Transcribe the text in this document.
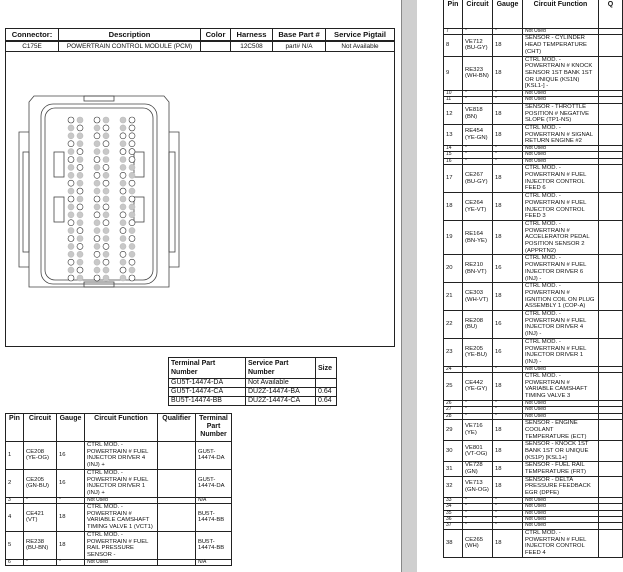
Connector:	Description	Color	Harness	Base Part #	Service Pigtail
C175E	POWERTRAIN CONTROL MODULE (PCM)		12C508	part# N/A	Not Available
Terminal Part Number	Service Part Number	Size
GU5T-14474-DA	Not Available	
GU5T-14474-CA	DU2Z-14474-BA	0.64
BU5T-14474-BB	DU2Z-14474-CA	0.64
Pin	Circuit	Gauge	Circuit Function	Qualifier	Terminal Part Number
1	CE208 (YE-OG)	16	CTRL MOD. - POWERTRAIN # FUEL INJECTOR DRIVER 4 (INJ) +		GU5T-14474-DA
2	CE205 (GN-BU)	16	CTRL MOD. - POWERTRAIN # FUEL INJECTOR DRIVER 1 (INJ) +		GU5T-14474-DA
3	*	*	Not Used		N/A
4	CE421 (VT)	18	CTRL MOD. - POWERTRAIN # VARIABLE CAMSHAFT TIMING VALVE 1 (VCT1)		BU5T-14474-BB
5	RE238 (BU-BN)	18	CTRL MOD. - POWERTRAIN # FUEL RAIL PRESSURE SENSOR -		BU5T-14474-BB
6	*	*	Not Used		N/A
Pin	Circuit	Gauge	Circuit Function	Q
7	*	*	Not Used	
8	VE712 (BU-GY)	18	SENSOR - CYLINDER HEAD TEMPERATURE (CHT)	
9	RE323 (WH-BN)	18	CTRL MOD. - POWERTRAIN # KNOCK SENSOR 1ST BANK 1ST OR UNIQUE (KS1N) [KSL1-] -	
10	*	*	Not Used	
11	*	*	Not Used	
12	VE818 (BN)	18	SENSOR - THROTTLE POSITION # NEGATIVE SLOPE (TP1-NS)	
13	RE454 (YE-GN)	18	CTRL MOD. - POWERTRAIN # SIGNAL RETURN ENGINE #2	
14	*	*	Not Used	
15	*	*	Not Used	
16	*	*	Not Used	
17	CE267 (BU-GY)	18	CTRL MOD. - POWERTRAIN # FUEL INJECTOR CONTROL FEED 6	
18	CE264 (YE-VT)	18	CTRL MOD. - POWERTRAIN # FUEL INJECTOR CONTROL FEED 3	
19	RE164 (BN-YE)	18	CTRL MOD. - POWERTRAIN # ACCELERATOR PEDAL POSITION SENSOR 2 (APPRTN2)	
20	RE210 (BN-VT)	16	CTRL MOD. - POWERTRAIN # FUEL INJECTOR DRIVER 6 (INJ) -	
21	CE303 (WH-VT)	18	CTRL MOD. - POWERTRAIN # IGNITION COIL ON PLUG ASSEMBLY 1 (COP-A)	
22	RE208 (BU)	16	CTRL MOD. - POWERTRAIN # FUEL INJECTOR DRIVER 4 (INJ) -	
23	RE205 (YE-BU)	16	CTRL MOD. - POWERTRAIN # FUEL INJECTOR DRIVER 1 (INJ) -	
24	*	*	Not Used	
25	CE442 (YE-GY)	18	CTRL MOD. - POWERTRAIN # VARIABLE CAMSHAFT TIMING VALVE 3	
26	*	*	Not Used	
27	*	*	Not Used	
28	*	*	Not Used	
29	VE716 (YE)	18	SENSOR - ENGINE COOLANT TEMPERATURE (ECT)	
30	VE801 (VT-OG)	18	SENSOR - KNOCK 1ST BANK 1ST OR UNIQUE (KS1P) [KSL1+]	
31	VE728 (GN)	18	SENSOR - FUEL RAIL TEMPERATURE (FRT)	
32	VE713 (GN-OG)	18	SENSOR - DELTA PRESSURE FEEDBACK EGR (DPFE)	
33	*	*	Not Used	
34	*	*	Not Used	
35	*	*	Not Used	
36	*	*	Not Used	
37	*	*	Not Used	
38	CE265 (WH)	18	CTRL MOD. - POWERTRAIN # FUEL INJECTOR CONTROL FEED 4	
